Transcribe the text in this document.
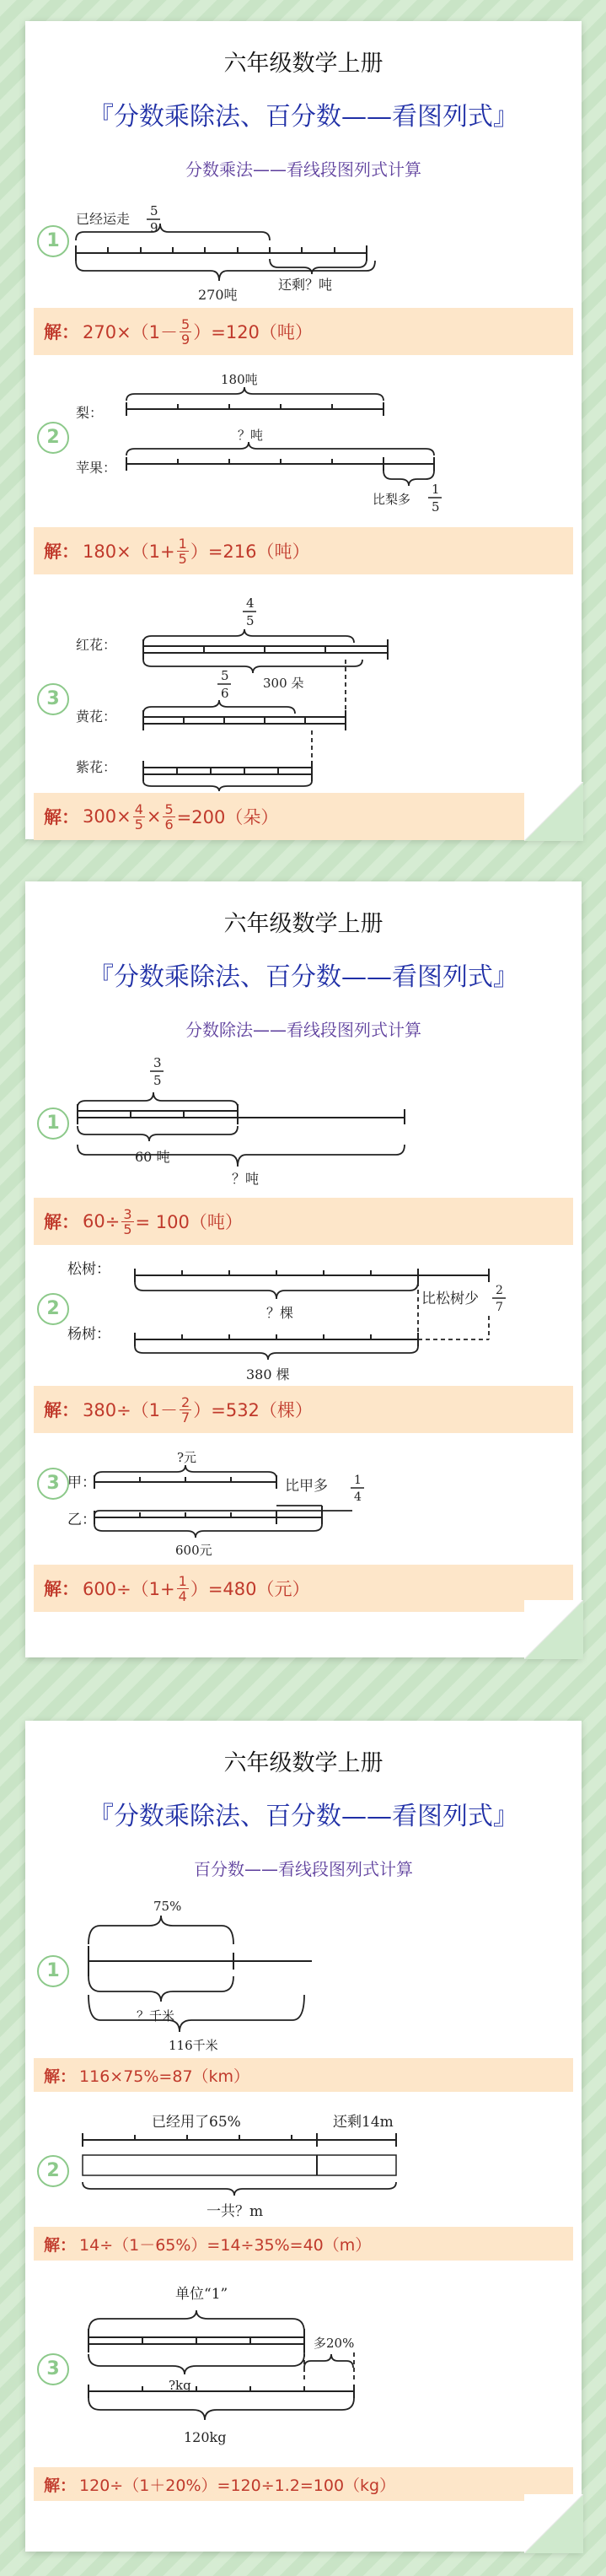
六年级数学上册
『分数乘除法、百分数——看图列式』
分数乘法——看线段图列式计算
1
已经运走 5
9
还剩？吨
270吨
解： $270\times(1- \frac{5}{9} )=120$（吨）
2
梨：
180吨
苹果：
？吨
比梨多
1
5
解： $180\times(1+ \frac{1}{5} )=216$（吨）
3
4
5
红花：
300 朵
5
6
黄花：
紫花：
解： $300\times \frac{4}{5} \times \frac{5}{6} =200$（朵）
六年级数学上册
『分数乘除法、百分数——看图列式』
分数除法——看线段图列式计算
1
3
5
60 吨
？吨
解： $60\div \frac{3}{5} = 100$（吨）
2
松树：
？棵
比松树少 2
7
杨树：
380 棵
解： $380\div(1- \frac{2}{7} )=532$（棵）
3
?元
甲：
乙：
比甲多 1
4
600元
解： $600\div(1+ \frac{1}{4} )=480$（元）
六年级数学上册
『分数乘除法、百分数——看图列式』
百分数——看线段图列式计算
1
75%
？千米
116千米
解： 116×75%=87（km）
2
已经用了65%	还剩14m
一共？m
解： 14÷（1－65%）=14÷35%=40（m）
3
单位“1”
多20%
?kg
120kg
解： 120÷（1＋20%）=120÷1.2=100（kg）
